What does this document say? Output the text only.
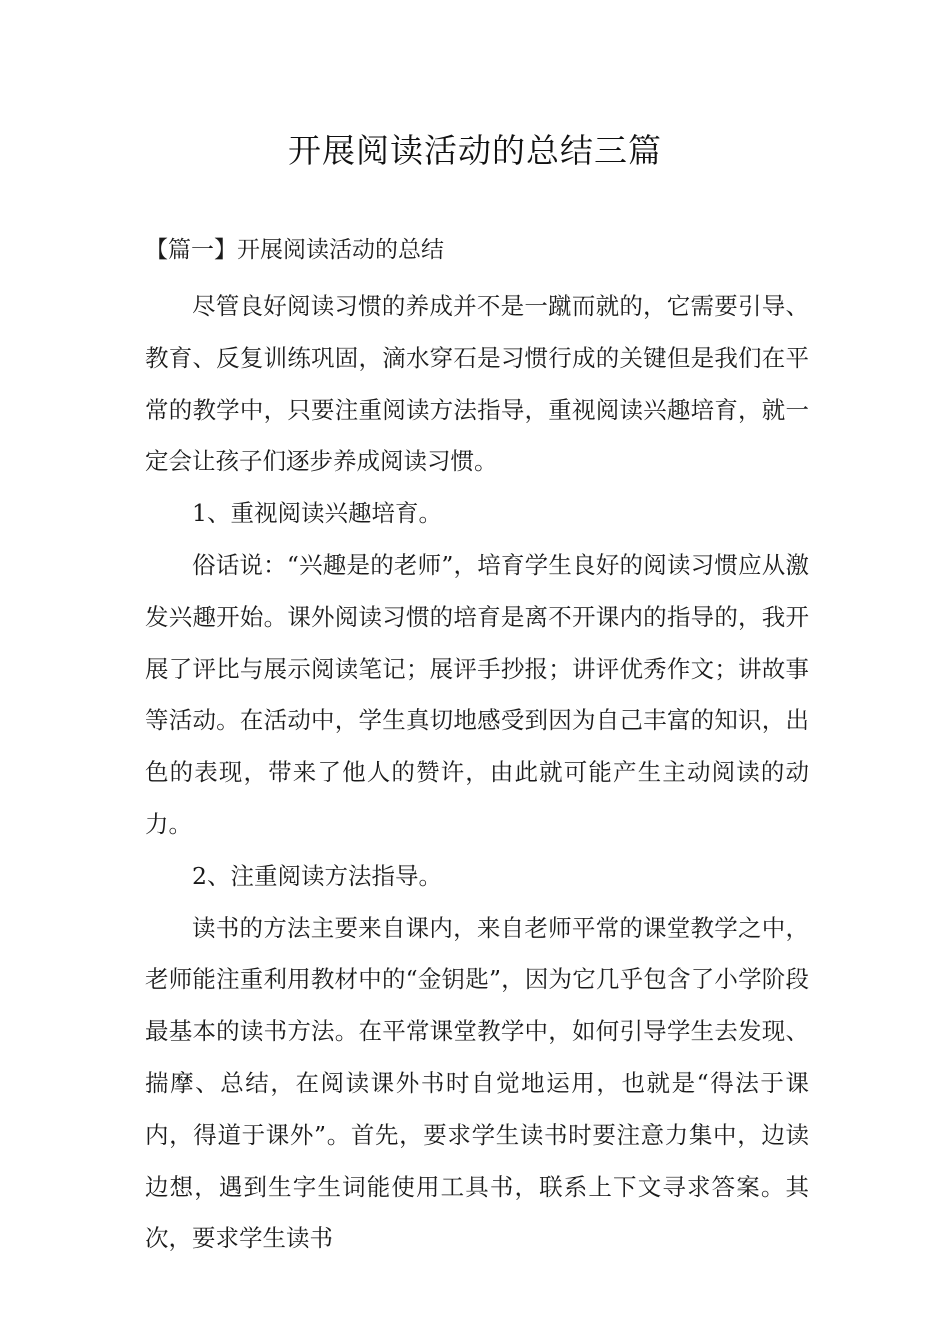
开展阅读活动的总结三篇
【篇一】开展阅读活动的总结

尽管良好阅读习惯的养成并不是一蹴而就的，它需要引导、教育、反复训练巩固，滴水穿石是习惯行成的关键但是我们在平常的教学中，只要注重阅读方法指导，重视阅读兴趣培育，就一定会让孩子们逐步养成阅读习惯。

1、重视阅读兴趣培育。

俗话说：“兴趣是的老师”，培育学生良好的阅读习惯应从激发兴趣开始。课外阅读习惯的培育是离不开课内的指导的，我开展了评比与展示阅读笔记；展评手抄报；讲评优秀作文；讲故事等活动。在活动中，学生真切地感受到因为自己丰富的知识，出色的表现，带来了他人的赞许，由此就可能产生主动阅读的动力。

2、注重阅读方法指导。

读书的方法主要来自课内，来自老师平常的课堂教学之中，老师能注重利用教材中的“金钥匙”，因为它几乎包含了小学阶段最基本的读书方法。在平常课堂教学中，如何引导学生去发现、揣摩、总结，在阅读课外书时自觉地运用，也就是“得法于课内，得道于课外”。首先，要求学生读书时要注意力集中，边读边想，遇到生字生词能使用工具书，联系上下文寻求答案。其次，要求学生读书
